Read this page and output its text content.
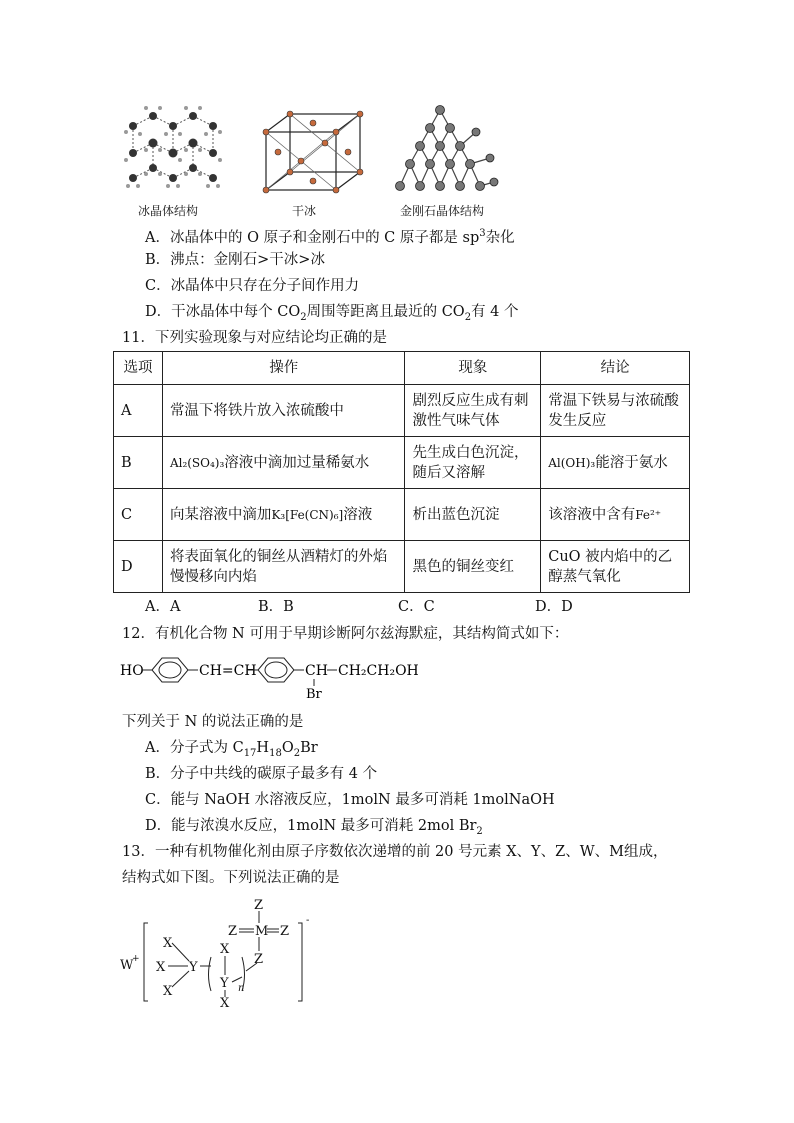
冰晶体结构	干冰	金刚石晶体结构
A．冰晶体中的 O 原子和金刚石中的 C 原子都是 $sp^3$杂化
B．沸点：金刚石>干冰>冰
C．冰晶体中只存在分子间作用力
D．干冰晶体中每个 $CO_2$周围等距离且最近的 $CO_2$有 4 个
11．下列实验现象与对应结论均正确的是
选项	操作	现象	结论
A	常温下将铁片放入浓硫酸中	剧烈反应生成有刺激性气味气体	常温下铁易与浓硫酸发生反应
B	Al₂(SO₄)₃溶液中滴加过量稀氨水	先生成白色沉淀，随后又溶解	Al(OH)₃能溶于氨水
C	向某溶液中滴加K₃[Fe(CN)₆]溶液	析出蓝色沉淀	该溶液中含有Fe²⁺
D	将表面氧化的铜丝从酒精灯的外焰慢慢移向内焰	黑色的铜丝变红	CuO 被内焰中的乙醇蒸气氧化
A．A	B．B	C．C	D．D
12．有机化合物 N 可用于早期诊断阿尔兹海默症，其结构简式如下：
HO	CH=CH	CH CH₂CH₂OH
Br
下列关于 N 的说法正确的是
A．分子式为 $C_{17}H_{18}O_2Br$
B．分子中共线的碳原子最多有 4 个
C．能与 NaOH 水溶液反应，1molN 最多可消耗 1molNaOH
D．能与浓溴水反应，1molN 最多可消耗 2mol $Br_2$
13．一种有机物催化剂由原子序数依次递增的前 20 号元素 X、Y、Z、W、M组成，
结构式如下图。下列说法正确的是
W
+
-
X
X
X
Y
X
Y
X
n
Z
Z M Z
Z
